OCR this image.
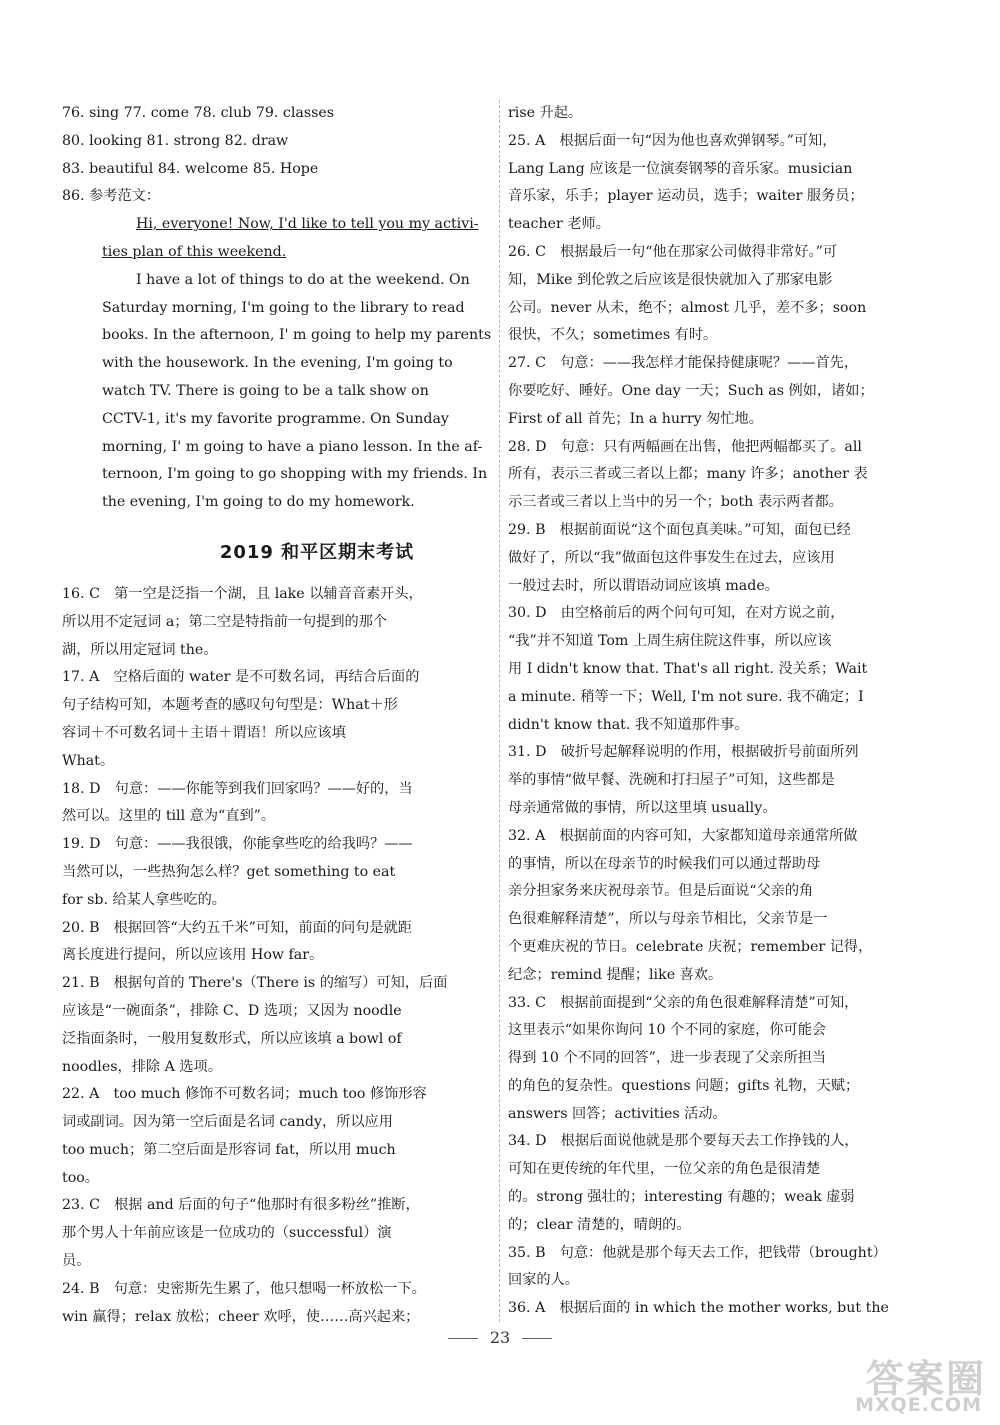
76. sing 77. come 78. club 79. classes
80. looking 81. strong 82. draw
83. beautiful 84. welcome 85. Hope
86. 参考范文：
Hi, everyone! Now, I'd like to tell you my activi-
ties plan of this weekend.
I have a lot of things to do at the weekend. On
Saturday morning, I'm going to the library to read
books. In the afternoon, I' m going to help my parents
with the housework. In the evening, I'm going to
watch TV. There is going to be a talk show on
CCTV-1, it's my favorite programme. On Sunday
morning, I' m going to have a piano lesson. In the af-
ternoon, I'm going to go shopping with my friends. In
the evening, I'm going to do my homework.
2019 和平区期末考试
16. C　第一空是泛指一个湖，且 lake 以辅音音素开头，
所以用不定冠词 a；第二空是特指前一句提到的那个
湖，所以用定冠词 the。
17. A　空格后面的 water 是不可数名词，再结合后面的
句子结构可知，本题考查的感叹句句型是：What＋形
容词＋不可数名词＋主语＋谓语！所以应该填
What。
18. D　句意：——你能等到我们回家吗？——好的，当
然可以。这里的 till 意为“直到”。
19. D　句意：——我很饿，你能拿些吃的给我吗？——
当然可以，一些热狗怎么样？get something to eat
for sb. 给某人拿些吃的。
20. B　根据回答“大约五千米”可知，前面的问句是就距
离长度进行提问，所以应该用 How far。
21. B　根据句首的 There's（There is 的缩写）可知，后面
应该是“一碗面条”，排除 C、D 选项；又因为 noodle
泛指面条时，一般用复数形式，所以应该填 a bowl of
noodles，排除 A 选项。
22. A　too much 修饰不可数名词；much too 修饰形容
词或副词。因为第一空后面是名词 candy，所以应用
too much；第二空后面是形容词 fat，所以用 much
too。
23. C　根据 and 后面的句子“他那时有很多粉丝”推断，
那个男人十年前应该是一位成功的（successful）演
员。
24. B　句意：史密斯先生累了，他只想喝一杯放松一下。
win 赢得；relax 放松；cheer 欢呼，使……高兴起来；
rise 升起。
25. A　根据后面一句“因为他也喜欢弹钢琴。”可知，
Lang Lang 应该是一位演奏钢琴的音乐家。musician
音乐家，乐手；player 运动员，选手；waiter 服务员；
teacher 老师。
26. C　根据最后一句“他在那家公司做得非常好。”可
知，Mike 到伦敦之后应该是很快就加入了那家电影
公司。never 从未，绝不；almost 几乎，差不多；soon
很快，不久；sometimes 有时。
27. C　句意：——我怎样才能保持健康呢？——首先，
你要吃好、睡好。One day 一天；Such as 例如，诸如；
First of all 首先；In a hurry 匆忙地。
28. D　句意：只有两幅画在出售，他把两幅都买了。all
所有，表示三者或三者以上都；many 许多；another 表
示三者或三者以上当中的另一个；both 表示两者都。
29. B　根据前面说“这个面包真美味。”可知，面包已经
做好了，所以“我”做面包这件事发生在过去，应该用
一般过去时，所以谓语动词应该填 made。
30. D　由空格前后的两个问句可知，在对方说之前，
“我”并不知道 Tom 上周生病住院这件事，所以应该
用 I didn't know that. That's all right. 没关系；Wait
a minute. 稍等一下；Well, I'm not sure. 我不确定；I
didn't know that. 我不知道那件事。
31. D　破折号起解释说明的作用，根据破折号前面所列
举的事情“做早餐、洗碗和打扫屋子”可知，这些都是
母亲通常做的事情，所以这里填 usually。
32. A　根据前面的内容可知，大家都知道母亲通常所做
的事情，所以在母亲节的时候我们可以通过帮助母
亲分担家务来庆祝母亲节。但是后面说“父亲的角
色很难解释清楚”，所以与母亲节相比，父亲节是一
个更难庆祝的节日。celebrate 庆祝；remember 记得，
纪念；remind 提醒；like 喜欢。
33. C　根据前面提到“父亲的角色很难解释清楚”可知，
这里表示“如果你询问 10 个不同的家庭，你可能会
得到 10 个不同的回答”，进一步表现了父亲所担当
的角色的复杂性。questions 问题；gifts 礼物，天赋；
answers 回答；activities 活动。
34. D　根据后面说他就是那个要每天去工作挣钱的人，
可知在更传统的年代里，一位父亲的角色是很清楚
的。strong 强壮的；interesting 有趣的；weak 虚弱
的；clear 清楚的，晴朗的。
35. B　句意：他就是那个每天去工作，把钱带（brought）
回家的人。
36. A　根据后面的 in which the mother works, but the
23
答案圈
MXQE.COM
